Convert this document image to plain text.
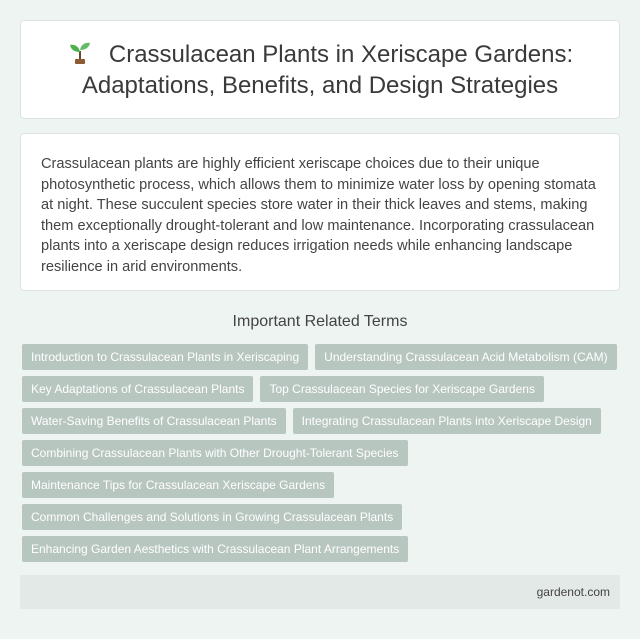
Crassulacean Plants in Xeriscape Gardens: Adaptations, Benefits, and Design Strategies

Crassulacean plants are highly efficient xeriscape choices due to their unique photosynthetic process, which allows them to minimize water loss by opening stomata at night. These succulent species store water in their thick leaves and stems, making them exceptionally drought-tolerant and low maintenance. Incorporating crassulacean plants into a xeriscape design reduces irrigation needs while enhancing landscape resilience in arid environments.

Important Related Terms
Introduction to Crassulacean Plants in Xeriscaping	Understanding Crassulacean Acid Metabolism (CAM)
Key Adaptations of Crassulacean Plants	Top Crassulacean Species for Xeriscape Gardens
Water-Saving Benefits of Crassulacean Plants	Integrating Crassulacean Plants into Xeriscape Design
Combining Crassulacean Plants with Other Drought-Tolerant Species
Maintenance Tips for Crassulacean Xeriscape Gardens
Common Challenges and Solutions in Growing Crassulacean Plants
Enhancing Garden Aesthetics with Crassulacean Plant Arrangements
gardenot.com
